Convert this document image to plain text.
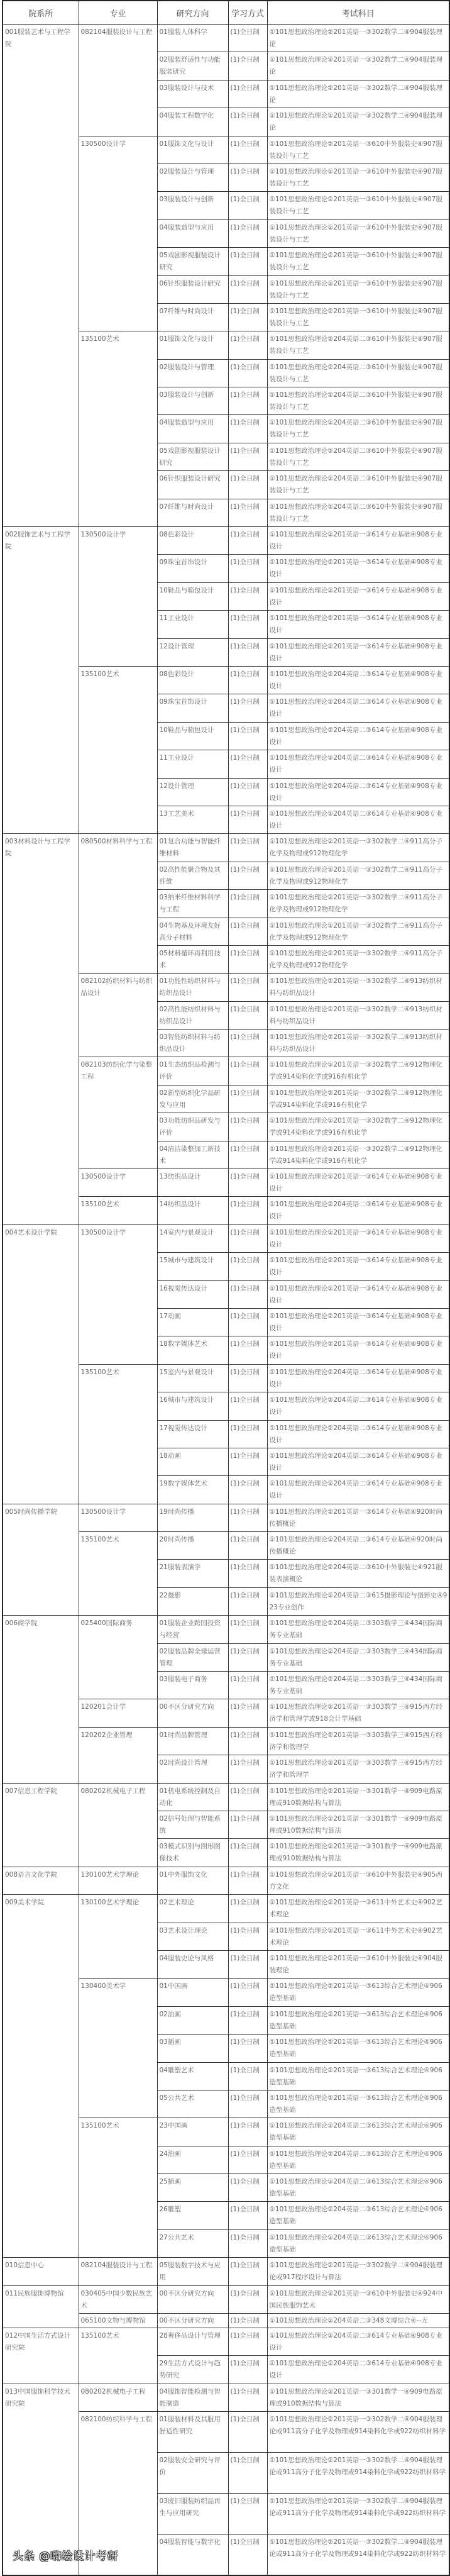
院系所	专业	研究方向	学习方式	考试科目
001服装艺术与工程学院	082104服装设计与工程	01服装人体科学	(1)全日制	①101思想政治理论②201英语一③302数学二④904服装理论
		02服装舒适性与功能服装研究	(1)全日制	①101思想政治理论②201英语一③302数学二④904服装理论
		03服装设计与技术	(1)全日制	①101思想政治理论②201英语一③302数学二④904服装理论
		04服装工程数字化	(1)全日制	①101思想政治理论②201英语一③302数学二④904服装理论
	130500设计学	01服饰文化与设计	(1)全日制	①101思想政治理论②201英语一③610中外服装史④907服装设计与工艺
		02服装设计与管理	(1)全日制	①101思想政治理论②201英语一③610中外服装史④907服装设计与工艺
		03服装设计与创新	(1)全日制	①101思想政治理论②201英语一③610中外服装史④907服装设计与工艺
		04服装造型与应用	(1)全日制	①101思想政治理论②201英语一③610中外服装史④907服装设计与工艺
		05戏剧影视服装设计研究	(1)全日制	①101思想政治理论②201英语一③610中外服装史④907服装设计与工艺
		06针织服装设计研究	(1)全日制	①101思想政治理论②201英语一③610中外服装史④907服装设计与工艺
		07纤维与时尚设计	(1)全日制	①101思想政治理论②201英语一③610中外服装史④907服装设计与工艺
	135100艺术	01服饰文化与设计	(1)全日制	①101思想政治理论②204英语二③610中外服装史④907服装设计与工艺
		02服装设计与管理	(1)全日制	①101思想政治理论②204英语二③610中外服装史④907服装设计与工艺
		03服装设计与创新	(1)全日制	①101思想政治理论②204英语二③610中外服装史④907服装设计与工艺
		04服装造型与应用	(1)全日制	①101思想政治理论②204英语二③610中外服装史④907服装设计与工艺
		05戏剧影视服装设计研究	(1)全日制	①101思想政治理论②204英语二③610中外服装史④907服装设计与工艺
		06针织服装设计研究	(1)全日制	①101思想政治理论②204英语二③610中外服装史④907服装设计与工艺
		07纤维与时尚设计	(1)全日制	①101思想政治理论②204英语二③610中外服装史④907服装设计与工艺
002服饰艺术与工程学院	130500设计学	08色彩设计	(1)全日制	①101思想政治理论②201英语一③614专业基础④908专业设计
		09珠宝首饰设计	(1)全日制	①101思想政治理论②201英语一③614专业基础④908专业设计
		10鞋品与箱包设计	(1)全日制	①101思想政治理论②201英语一③614专业基础④908专业设计
		11工业设计	(1)全日制	①101思想政治理论②201英语一③614专业基础④908专业设计
		12设计管理	(1)全日制	①101思想政治理论②201英语一③614专业基础④908专业设计
	135100艺术	08色彩设计	(1)全日制	①101思想政治理论②204英语二③614专业基础④908专业设计
		09珠宝首饰设计	(1)全日制	①101思想政治理论②204英语二③614专业基础④908专业设计
		10鞋品与箱包设计	(1)全日制	①101思想政治理论②204英语二③614专业基础④908专业设计
		11工业设计	(1)全日制	①101思想政治理论②204英语二③614专业基础④908专业设计
		12设计管理	(1)全日制	①101思想政治理论②204英语二③614专业基础④908专业设计
		13工艺美术	(1)全日制	①101思想政治理论②204英语二③614专业基础④908专业设计
003材料设计与工程学院	080500材料科学与工程	01复合功能与智能纤维材料	(1)全日制	①101思想政治理论②201英语一③302数学二④911高分子化学及物理或912物理化学
		02高性能聚合物及其纤维	(1)全日制	①101思想政治理论②201英语一③302数学二④911高分子化学及物理或912物理化学
		03纳米纤维材料科学与工程	(1)全日制	①101思想政治理论②201英语一③302数学二④911高分子化学及物理或912物理化学
		04生物基及环境友好高分子材料	(1)全日制	①101思想政治理论②201英语一③302数学二④911高分子化学及物理或912物理化学
		05材料循环再利用技术	(1)全日制	①101思想政治理论②201英语一③302数学二④911高分子化学及物理或912物理化学
	082102纺织材料与纺织品设计	01功能性纺织材料与纺织品设计	(1)全日制	①101思想政治理论②201英语一③302数学二④913纺织材料与纺织品设计
		02高性能纺织材料与纺织品设计	(1)全日制	①101思想政治理论②201英语一③302数学二④913纺织材料与纺织品设计
		03智能纺织材料与纺织品设计	(1)全日制	①101思想政治理论②201英语一③302数学二④913纺织材料与纺织品设计
	082103纺织化学与染整工程	01生态纺织品检测与评价	(1)全日制	①101思想政治理论②201英语一③302数学二④912物理化学或914染料化学或916有机化学
		02新型纺织化学品研发与应用	(1)全日制	①101思想政治理论②201英语一③302数学二④912物理化学或914染料化学或916有机化学
		03功能纺织品研发与评价	(1)全日制	①101思想政治理论②201英语一③302数学二④912物理化学或914染料化学或916有机化学
		04清洁染整加工新技术	(1)全日制	①101思想政治理论②201英语一③302数学二④912物理化学或914染料化学或916有机化学
	130500设计学	13纺织品设计	(1)全日制	①101思想政治理论②201英语一③614专业基础④908专业设计
	135100艺术	14纺织品设计	(1)全日制	①101思想政治理论②204英语二③614专业基础④908专业设计
004艺术设计学院	130500设计学	14室内与景观设计	(1)全日制	①101思想政治理论②201英语一③614专业基础④908专业设计
		15城市与建筑设计	(1)全日制	①101思想政治理论②201英语一③614专业基础④908专业设计
		16视觉传达设计	(1)全日制	①101思想政治理论②201英语一③614专业基础④908专业设计
		17动画	(1)全日制	①101思想政治理论②201英语一③614专业基础④908专业设计
		18数字媒体艺术	(1)全日制	①101思想政治理论②201英语一③614专业基础④908专业设计
	135100艺术	15室内与景观设计	(1)全日制	①101思想政治理论②204英语二③614专业基础④908专业设计
		16城市与建筑设计	(1)全日制	①101思想政治理论②204英语二③614专业基础④908专业设计
		17视觉传达设计	(1)全日制	①101思想政治理论②204英语二③614专业基础④908专业设计
		18动画	(1)全日制	①101思想政治理论②204英语二③614专业基础④908专业设计
		19数字媒体艺术	(1)全日制	①101思想政治理论②204英语二③614专业基础④908专业设计
005时尚传播学院	130500设计学	19时尚传播	(1)全日制	①101思想政治理论②201英语一③614专业基础④920时尚传播概论
	135100艺术	20时尚传播	(1)全日制	①101思想政治理论②204英语二③614专业基础④920时尚传播概论
		21服装表演学	(1)全日制	①101思想政治理论②204英语二③610中外服装史④921服装表演概论
		22摄影	(1)全日制	①101思想政治理论②204英语二③615摄影理论与摄影史④923专业创作
006商学院	025400国际商务	01服装企业跨国投资与经营	(1)全日制	①101思想政治理论②204英语二③303数学三④434国际商务专业基础
		02服装品牌全球运营管理	(1)全日制	①101思想政治理论②204英语二③303数学三④434国际商务专业基础
		03服装电子商务	(1)全日制	①101思想政治理论②204英语二③303数学三④434国际商务专业基础
	120201会计学	00不区分研究方向	(1)全日制	①101思想政治理论②201英语一③303数学三④915西方经济学和管理学或918会计学基础
	120202企业管理	01时尚品牌管理	(1)全日制	①101思想政治理论②201英语一③303数学三④915西方经济学和管理学
		02时尚设计管理	(1)全日制	①101思想政治理论②201英语一③303数学三④915西方经济学和管理学
007信息工程学院	080202机械电子工程	01机电系统控制及自动化	(1)全日制	①101思想政治理论②201英语一③301数学一④909电路原理或910数据结构与算法
		02信号处理与智能系统	(1)全日制	①101思想政治理论②201英语一③301数学一④909电路原理或910数据结构与算法
		03模式识别与图形图像技术	(1)全日制	①101思想政治理论②201英语一③301数学一④909电路原理或910数据结构与算法
008语言文化学院	130100艺术学理论	01中外服饰文化	(1)全日制	①101思想政治理论②201英语一③610中外服装史④905西方文化
009美术学院	130100艺术学理论	02艺术理论	(1)全日制	①101思想政治理论②201英语一③611中外艺术史④902艺术理论
		03艺术设计理论	(1)全日制	①101思想政治理论②201英语一③611中外艺术史④902艺术理论
		04服装史论与风格	(1)全日制	①101思想政治理论②201英语一③610中外服装史④904服装理论
	130400美术学	01中国画	(1)全日制	①101思想政治理论②201英语一③613综合艺术理论④906造型基础
		02油画	(1)全日制	①101思想政治理论②201英语一③613综合艺术理论④906造型基础
		03插画	(1)全日制	①101思想政治理论②201英语一③613综合艺术理论④906造型基础
		04雕塑艺术	(1)全日制	①101思想政治理论②201英语一③613综合艺术理论④906造型基础
		05公共艺术	(1)全日制	①101思想政治理论②201英语一③613综合艺术理论④906造型基础
	135100艺术	23中国画	(1)全日制	①101思想政治理论②204英语二③613综合艺术理论④906造型基础
		24油画	(1)全日制	①101思想政治理论②204英语二③613综合艺术理论④906造型基础
		25插画	(1)全日制	①101思想政治理论②204英语二③613综合艺术理论④906造型基础
		26雕塑	(1)全日制	①101思想政治理论②204英语二③613综合艺术理论④906造型基础
		27公共艺术	(1)全日制	①101思想政治理论②204英语二③613综合艺术理论④906造型基础
010信息中心	082104服装设计与工程	05服装数字技术与应用	(1)全日制	①101思想政治理论②201英语一③302数学二④904服装理论或917程序设计与算法
011民族服饰博物馆	030405中国少数民族艺术	00不区分研究方向	(1)全日制	①101思想政治理论②201英语一③610中外服装史④924中国民族服饰艺术
	065100文物与博物馆	00不区分研究方向	(1)全日制	①101思想政治理论②204英语二③348文博综合④--无
012中国生活方式设计研究院	135100艺术	28奢侈品设计与管理	(1)全日制	①101思想政治理论②204英语二③614专业基础④908专业设计
		29生活方式设计与趋势研究	(1)全日制	①101思想政治理论②204英语二③614专业基础④908专业设计
013中国服饰科学技术研究院	080202机械电子工程	04服饰智能检测与智能制造	(1)全日制	①101思想政治理论②201英语一③301数学一④909电路原理或910数据结构与算法
	082100纺织科学与工程	01服装材料及其服用舒适性研究	(1)全日制	①101思想政治理论②201英语一③302数学二④904服装理论或911高分子化学及物理或914染料化学或922纺织材料学
		02服装安全研究与评价	(1)全日制	①101思想政治理论②201英语一③302数学二④904服装理论或911高分子化学及物理或914染料化学或922纺织材料学
		03废旧服装纺织品再生与应用研究	(1)全日制	①101思想政治理论②201英语一③302数学二④904服装理论或911高分子化学及物理或914染料化学或922纺织材料学
		04服装智能与数字化	(1)全日制	①101思想政治理论②201英语一③302数学二④904服装理论或911高分子化学及物理或914染料化学或922纺织材料学
头条 @嗨绘设计考研
